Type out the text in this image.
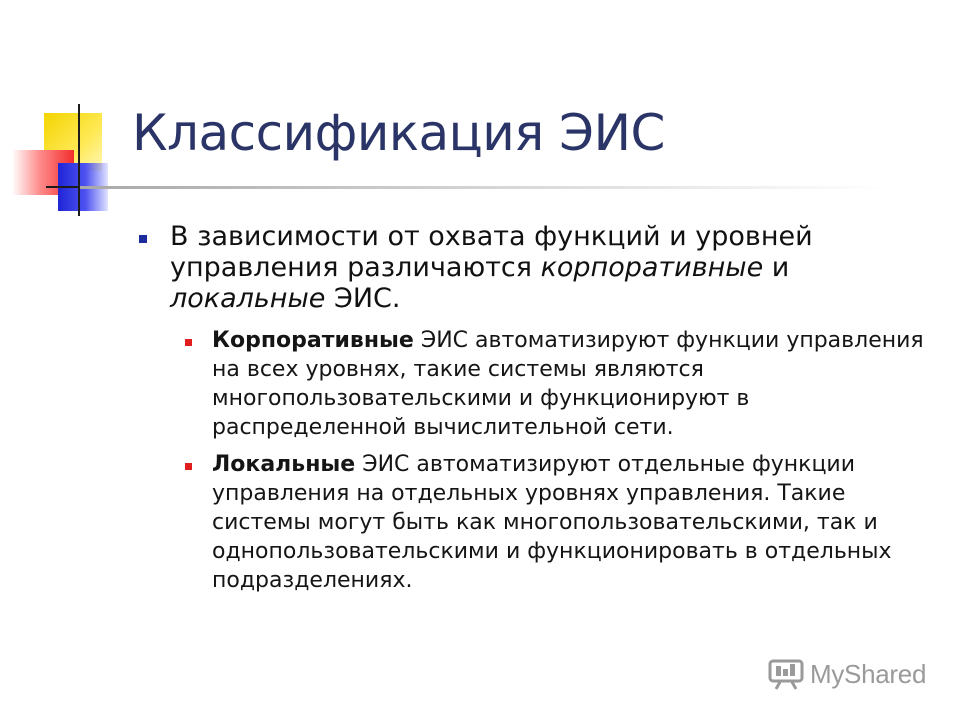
Классификация ЭИС
В зависимости от охвата функций и уровней управления различаются корпоративные и локальные ЭИС.
Корпоративные ЭИС автоматизируют функции управления на всех уровнях, такие системы являются многопользовательскими и функционируют в распределенной вычислительной сети.
Локальные ЭИС автоматизируют отдельные функции управления на отдельных уровнях управления. Такие системы могут быть как многопользовательскими, так и однопользовательскими и функционировать в отдельных подразделениях.
MyShared
